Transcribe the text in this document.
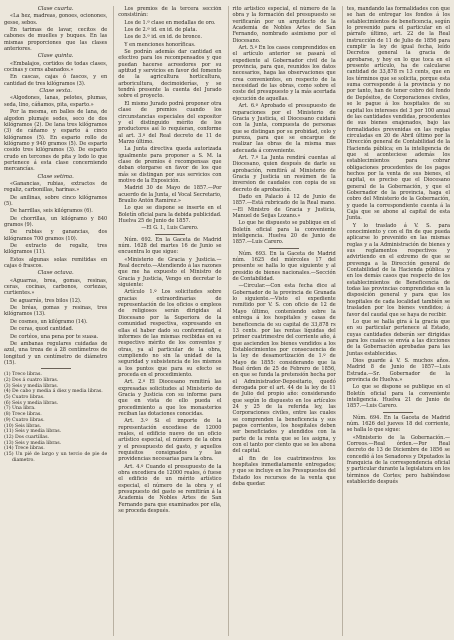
Clase cuarta.

«La hez, madreas, gonoes, ocionones, gesse, sebos.

En tarimas de lavar, cecitos de cabones de muelles y buques. En las mismas proporciones que las clases anteriores.

Clase quinta.

«Embalajos, cortidos de todas clases, cocinas y cerns abanados.»

En cascas, cajas ó fascos, y en cantidad de tres kilógramos (3).

Clase sexta.

«Algodones, lanas, pelotes, plumas, seda, lino, cáñamos, pita, esparto.»

Por la mesma, en balles de lana, de algodon plumaje sedes, seco de dos kilógramos (2). De lana tres kilógramos (3) de cáñamo y esparto á cinco kilógramos (5). En espario rollo de kilógramo y 940 gramos (5). De esparto cosido tres kilógramos (3). De esparto crudo en tercones de pita y lodo lo que pertenece á esta clase concerniendo mercancías.

Clase setima.

«Ganancias, rubias, extractos de regaliz, carbonillas, harinas.»

De anilinas, sobre cinco kilógramos (5).

De harrillas, seis kilógramos (6).

De chorrillas, un kilógramo y 840 gramos (9).

De rubias y ganancias, dos kilógramos 700 gramos (10).

De extracto de regaliz, tres kilógramos (11).

Estos algunas solas remitidas en cajas ó frascos.

Clase octava.

«Aguarras, brea, gomas, resinas, ceras, cocinas, carbonos, cortezas, curtientes.»

De aguarrás, tres bilos (12).

De bréas, gomas y resinas, tres kilógramos (13).

De cosmes, un kilógramo (14).

De ceras, quod cantidad.

De cortéos, una pena por te suasa.

De ambanas regulares cuidadas de azul, una troza de á 28 centímetros de longitud y un centímetro de diámetro (15).

(1) Treco libras.
(2) Dos á cuatro libras.
(3) Seis y media libras.
(4) De cabo y media á diez y media libras.
(5) Cuatro libras.
(6) Seis y media libras.
(7) Una libra.
(8) Trece libras.
(9) Cuatro libras.
(10) Seis libras.
(11) Seis y media libras.
(12) Dos cuartillas.
(13) Seis y media libras.
(14) Trece libras.
(15) Un pié de largo y un tercio de pie de diametro.

Los premios de la tercera sección consistirán:

Los de 1.ª clase en medallas de oro.

Los de 2.ª id. en id. de plata.

Los de 3.ª id. en id. de bronce.

Y en menciones honoríficas.

Se podrán además dar cantidad en efectivo para los recompensados y que puedan hacerse acreedores por su aptitud y servicios en favor del fomento de la agricultura horticultura, arboricultura, decimoiderías, y se tendrá presente la cuenta del Jurado sobre el proyecto.

El mismo Jurado podrá proponer otra clase de premios cuando los circunstancias especiales del expositor y el distinguido mérito de los productores así lo requieran, conforme al art. 3.º del Real decreto de 11 de Marzo último.

La Junta directiva queda autorizada igualmente para proponer a S. M. la clase de premios é recompensas que deban otorgarse en favor de los que más se distingan por sus servicios con motivo de la Exposición.

Madrid 30 de Mayo de 1857.—Por acuerdo de la Junta, el Vocal Secretario, Braulio Antón Ramírez.»

Lo que se dispone se inserte en el Boletín oficial para la debida publicidad. Huelva 25 de Junio de 1857.

—El G. I., Luis Carero.

Núm. 692. En la Gaceta de Madrid núm. 1628 del martes 16 de Junio se encuentra lo que sigue:

«Ministerio de Gracia y Justicia.—Real decreto.—Atendiendo á las razones que me ha expuesto el Ministro de Gracia y Justicia, Vengo en decretar lo siguiente:

Artículo 1.º Los solicitudes sobre gracias extraordinarias de representación de los oficios o empleos de religiosos serán dirigidas al Diocesano por la Superiora de la comunidad respectiva, expresando en ellas el haber dado su conformidad, e informes de las mismas recibidas en su respectivo mérito de los conventos y otras, ya al particular de la obra, cumpliendo no sin la unidad de la seguridad y subsistencia de los mismos a los puntos que para su efecto se proceda en el procedimiento.

Art. 2.º El Diocesano remitirá las expresadas solicitudes al Ministerio de Gracia y Justicia con su informe para que en vista de ello pueda el procedimiento a que los monasterios reciban las dotaciones conocidas.

Art. 3.º Si el importe de la representación excediese de 12000 reales, el edificio nuevo de un oficio artístico especial, el número de la obra y el presupuesto del gasto, y aquellos requisitos consignados y las providencias necesarias para la obra.

Art. 4.º Cuando el presupuesto de la obra excediera de 12000 reales, ó fuese el edificio de un mérito artístico especial, el número de la obra y el presupuesto del gasto se remitirán á la Academia de Nobles Artes de San Fernando para que examinados por ella, se proceda después.

rito artístico especial, el número de la obra y la formación del presupuesto se verificarán por un arquitecto de la Academia de Nobles Artes de San Fernando, nombrado asimismo por el Diocesano.

Art. 5.º En los casos comprendidos en el artículo anterior se pasará el expediente al Gobernador civil de la provincia, para que, reunidos los datos necesarios, haga las observaciones que crea convenientes, en respecto de la necesidad de las obras, como sobre el coste del presupuesto y la más acertada ejecución de aquellas.

Art. 6.º Aprobado el presupuesto de reparaciones por el Ministerio de Gracia y Justicia, el Diocesano cuidará con la Junta, compuesta de personas que se distingan por su probidad, celo y pureza, para que se encargue de realizar las obras de la misma mas adecuada á conveniente.

Art. 7.º La Junta rendirá cuentas al Diocesano, quien después de darle su aprobación, remitirá al Ministerio de Gracia y Justicia un resúmen de la inversion de caudales con copia de su decreto de aprobación.

Dado en Palacio á 12 de Junio de 1857.—Está rubricado de la Real mano.—El Ministro de Gracia y Justicia, Manuel de Seijas Lozano.»

Lo que he dispuesto se publique en el Boletín oficial para la conveniente inteligencia. Huelva 20 de Junio de 1857.—Luis Carero.

Núm. 693. En la Gaceta de Madrid núm. 1625 del miércoles 17 del presente se halla lo que siguiente y al presidio de bienes nacionales.—Sección de Contabilidad.

—Circular.—Con esta fecha dice al Gobernador de la provincia de Granada lo siguiente.—Visto el expediente remitido por V. S. con oficio de 12 de Mayo último, conteniendo sobre la entrega á los hospitales y casas de beneficencia de su capital de 33,878 rs 13 cents. por las rentas líquidas del primer cuatrimestre del corriente año, á que ascienden los bienes vendidos a los Establecimientos por consecuencia de la ley de desamortización de 1.º de Mayo de 1855: considerando que la Real órden de 25 de Febrero de 1856, en que se funda la pretensión hecha por el Administrador-Depositario, quedó derogada por el art. 44 de la ley de 11 de Julio del propio año: considerando que según lo dispuesto en los artículos 24 y 25 de la referida ley, las Corporaciones civiles, entre las cuales se comprenden la beneficencia y sus pagos corrientes, los hospitales deben ser beneficiados y atendidos con la parte de la renta que se les asigna, y con el tanto por ciento que se les abona del capital.

al fin de los cuatrimestres los hospitales inmediatamente entregados; y que se incluye en los Presupuestos del Estado los recursos de la venta que deba quedar.

tes, mandando las formalidades con que se han de entregar los fondos á los establecimientos de beneficencia, según lo prevenido para el particular en el párrafo último, art. 22 de la Real instrucción de 11 de Julio de 1856 para cumplir la ley de igual fecha, leído Decretos general la gracia de aprobarse, y hoy en lo que toca en el presente artículo, ha de calcularse cantidad de 33,878 rs 13 cents, que en los términos que se solicita, porque esta suma corresponde á la provincia y no por tanto, han de tener cobro del fondo de Depósitos, de Corporaciones civiles, se le pague á los hospitales de su capital los intereses del 3 por 100 anual de las cantidades vendidas, procedentes de sus bienes enajenados, bajo las formalidades prevenidas en las reglas circuladas en 20 de Abril último por la Dirección general de Contabilidad de la Hacienda pública; en la inteligencia de que si aconteciese además los establecimientos para cobrar obligaciones procedentes de los pagos hechos por la venta de sus bienes, el capital, es preciso que el Diocesano general de la Gobernación, y que el Gobernador de la provincia, haga el cobro del Ministerio de la Gobernación, y quede la correspondiente cuenta á la Caja que se abone al capital de esta Junta.

Y lo traslado á V. S. para conocimiento y con el fin de que pueda aplicarse lo prevenido en las mismas reglas y a la Administración de bienes y sus reglamentos respectivos y advirtiendo en el extremo de que se prevenga a la Dirección general de Contabilidad de la Hacienda pública y en los demás casos que respecto de los establecimientos de Beneficencia de todas las provincias comprendidas en la disposición general y para que los hospitales de cada localidad también se trasladen por los bienes vendidos; á favor del caudal que se haya de recibir.

Lo que se halla gira á la gracia que en su particular pertenece al Estado, cuyas cantidades deberán ser dirigidas para los cuales se envía a las dicciones de la Gobernación aprobadas para las Juntas establecidas.

Dios guarde á V. S. muchos años. Madrid 8 de Junio de 1857—Luis Estrada.—Sr. Gobernador de la provincia de Huelva.»

Lo que se dispone se publique en el Boletín oficial para la conveniente inteligencia. Huelva 21 de Junio de 1857.—Luis Carero.

Núm. 694. En la Gaceta de Madrid núm. 1626 del jueves 18 del corriente, se halla lo que sigue:

«Ministerio de la Gobernación.—Correos.—Real órden.—Por Real decreto de 13 de Diciembre de 1856 se concedió á los Senadores y Diputados la franquicia de la correspondencia oficial y particular durante la legislatura en los términos de Cortes; pero habiéndose establecido después
